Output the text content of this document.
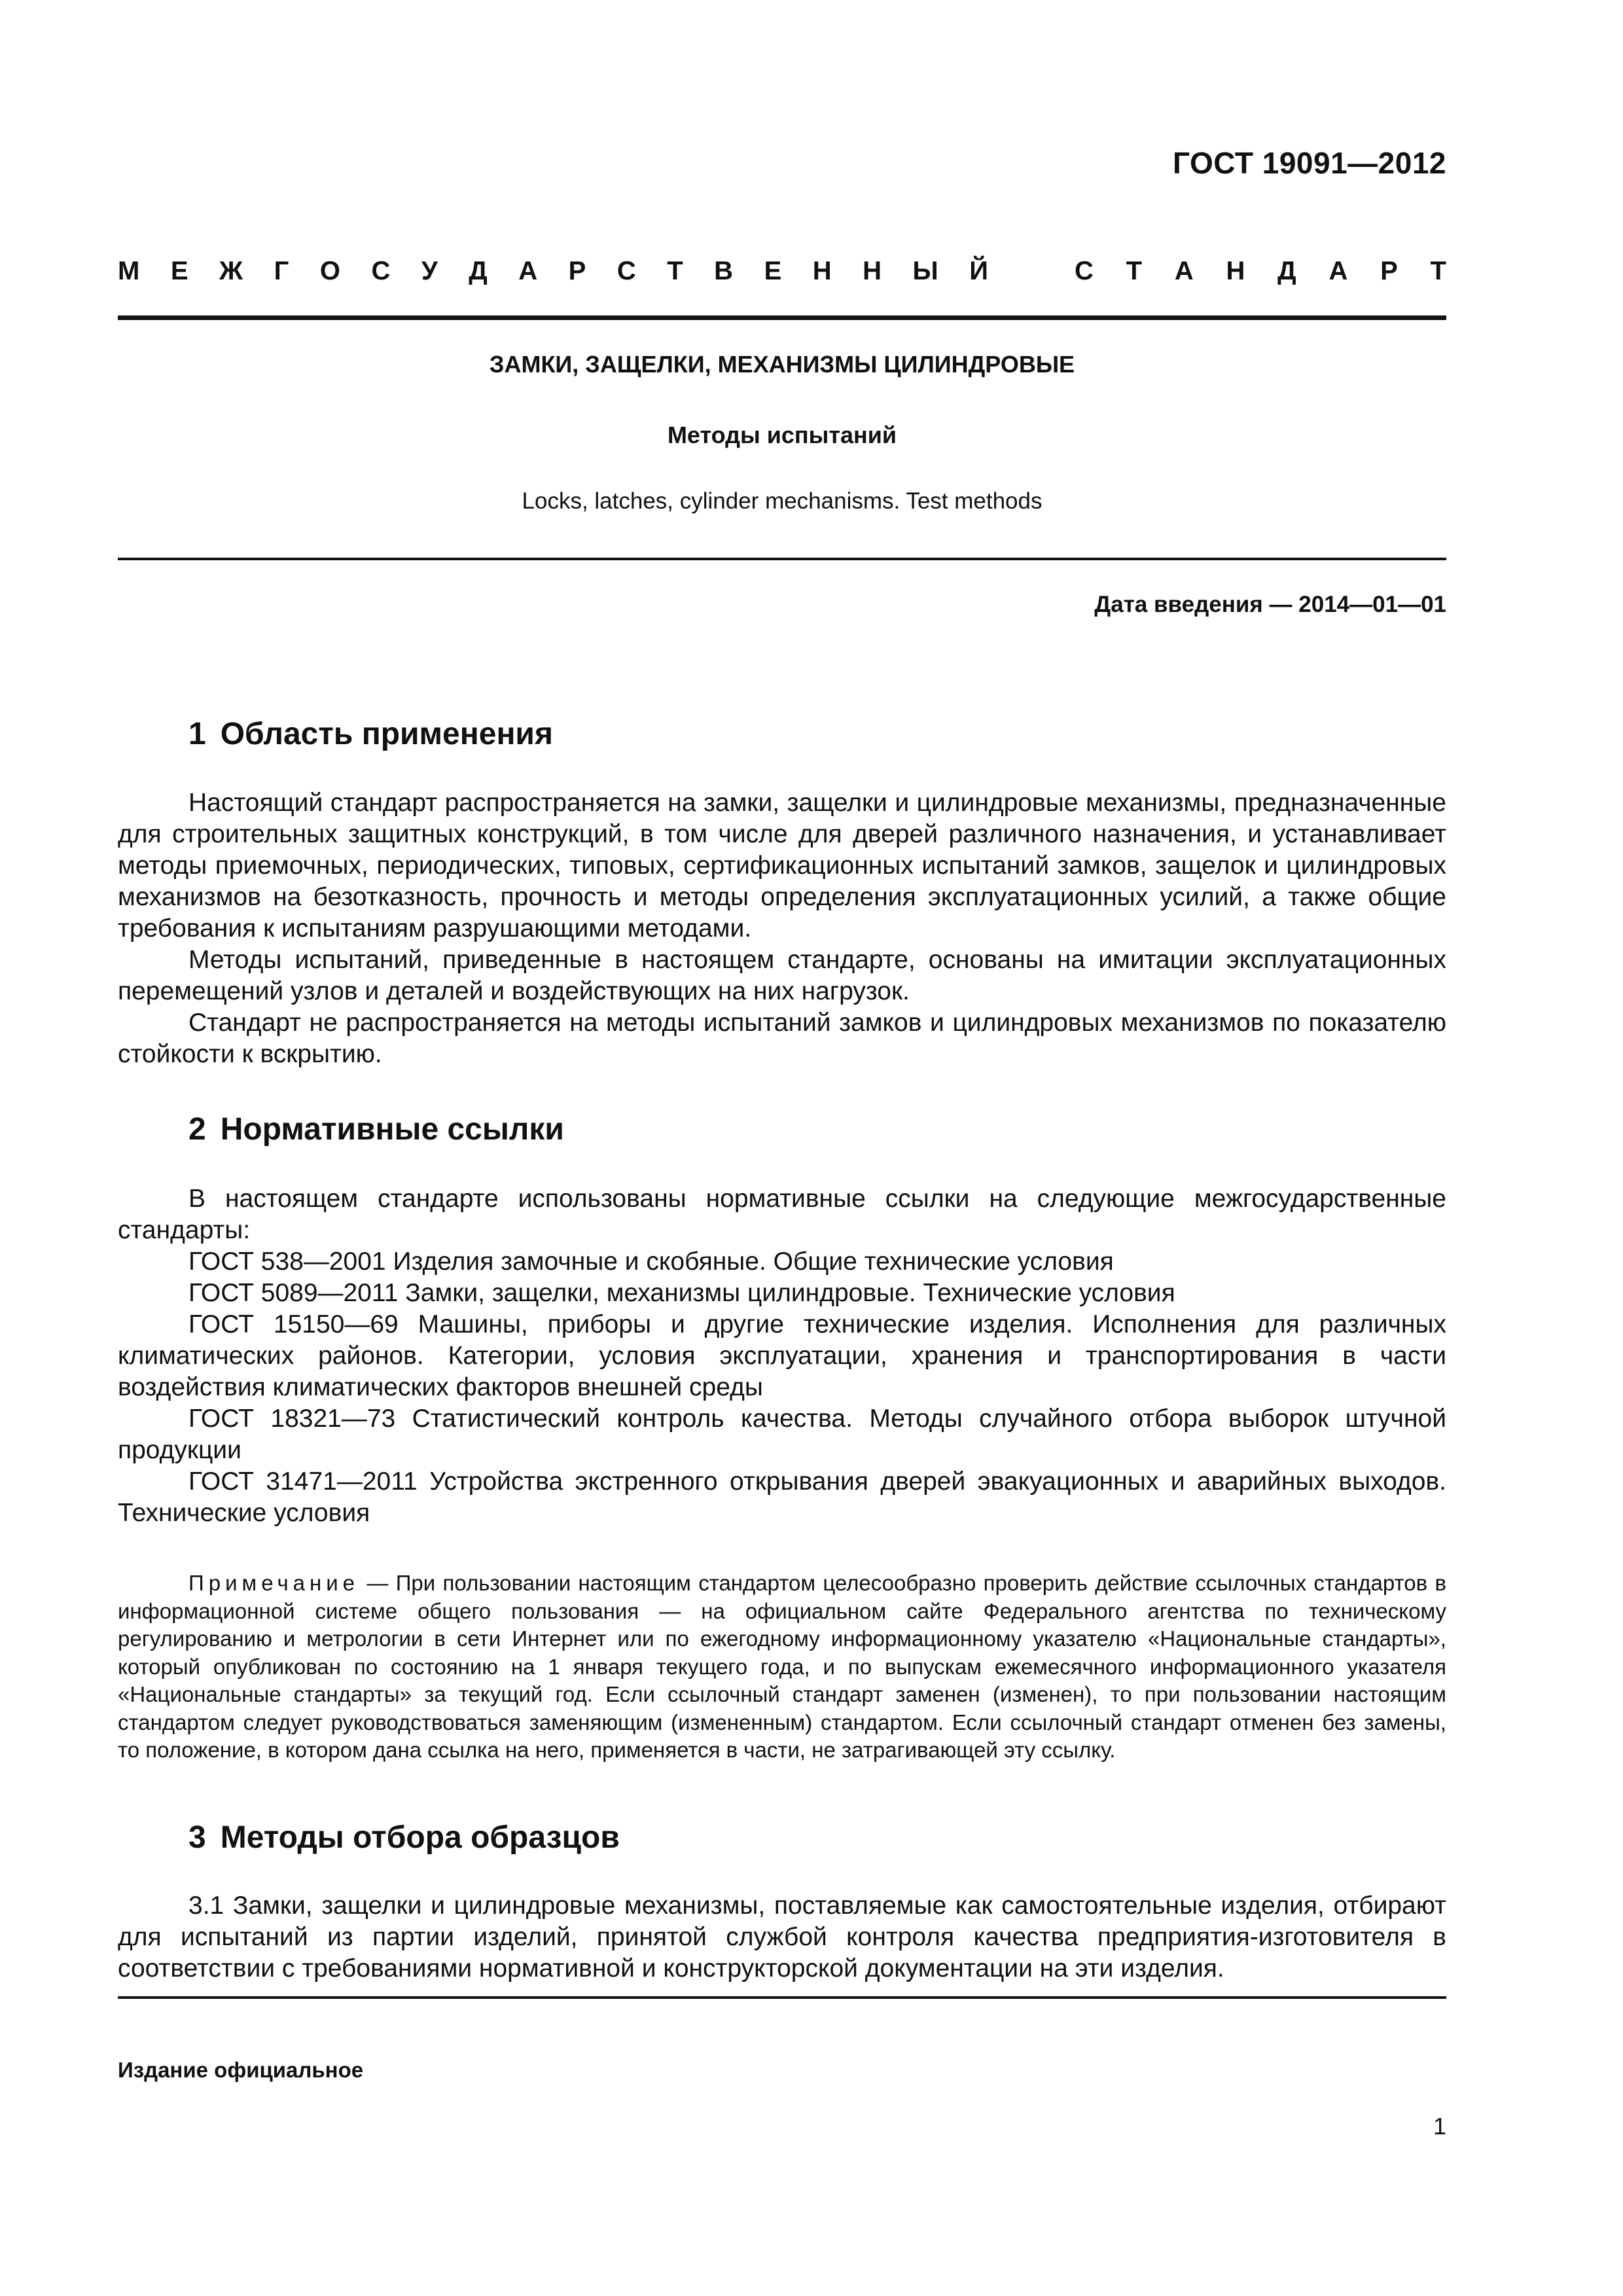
ГОСТ 19091—2012
М Е Ж Г О С У Д А Р С Т В Е Н Н Ы Й	С Т А Н Д А Р Т
ЗАМКИ, ЗАЩЕЛКИ, МЕХАНИЗМЫ ЦИЛИНДРОВЫЕ
Методы испытаний
Locks, latches, cylinder mechanisms. Test methods
Дата введения — 2014—01—01
1 Область применения

Настоящий стандарт распространяется на замки, защелки и цилиндровые механизмы, предназначенные для строительных защитных конструкций, в том числе для дверей различного назначения, и устанавливает методы приемочных, периодических, типовых, сертификационных испытаний замков, защелок и цилиндровых механизмов на безотказность, прочность и методы определения эксплуатационных усилий, а также общие требования к испытаниям разрушающими методами.

Методы испытаний, приведенные в настоящем стандарте, основаны на имитации эксплуатационных перемещений узлов и деталей и воздействующих на них нагрузок.

Стандарт не распространяется на методы испытаний замков и цилиндровых механизмов по показателю стойкости к вскрытию.

2 Нормативные ссылки

В настоящем стандарте использованы нормативные ссылки на следующие межгосударственные стандарты:

ГОСТ 538—2001 Изделия замочные и скобяные. Общие технические условия

ГОСТ 5089—2011 Замки, защелки, механизмы цилиндровые. Технические условия

ГОСТ 15150—69 Машины, приборы и другие технические изделия. Исполнения для различных климатических районов. Категории, условия эксплуатации, хранения и транспортирования в части воздействия климатических факторов внешней среды

ГОСТ 18321—73 Статистический контроль качества. Методы случайного отбора выборок штучной продукции

ГОСТ 31471—2011 Устройства экстренного открывания дверей эвакуационных и аварийных выходов. Технические условия

Примечание — При пользовании настоящим стандартом целесообразно проверить действие ссылочных стандартов в информационной системе общего пользования — на официальном сайте Федерального агентства по техническому регулированию и метрологии в сети Интернет или по ежегодному информационному указателю «Национальные стандарты», который опубликован по состоянию на 1 января текущего года, и по выпускам ежемесячного информационного указателя «Национальные стандарты» за текущий год. Если ссылочный стандарт заменен (изменен), то при пользовании настоящим стандартом следует руководствоваться заменяющим (измененным) стандартом. Если ссылочный стандарт отменен без замены, то положение, в котором дана ссылка на него, применяется в части, не затрагивающей эту ссылку.

3 Методы отбора образцов

3.1 Замки, защелки и цилиндровые механизмы, поставляемые как самостоятельные изделия, отбирают для испытаний из партии изделий, принятой службой контроля качества предприятия-изготовителя в соответствии с требованиями нормативной и конструкторской документации на эти изделия.

Издание официальное
1
